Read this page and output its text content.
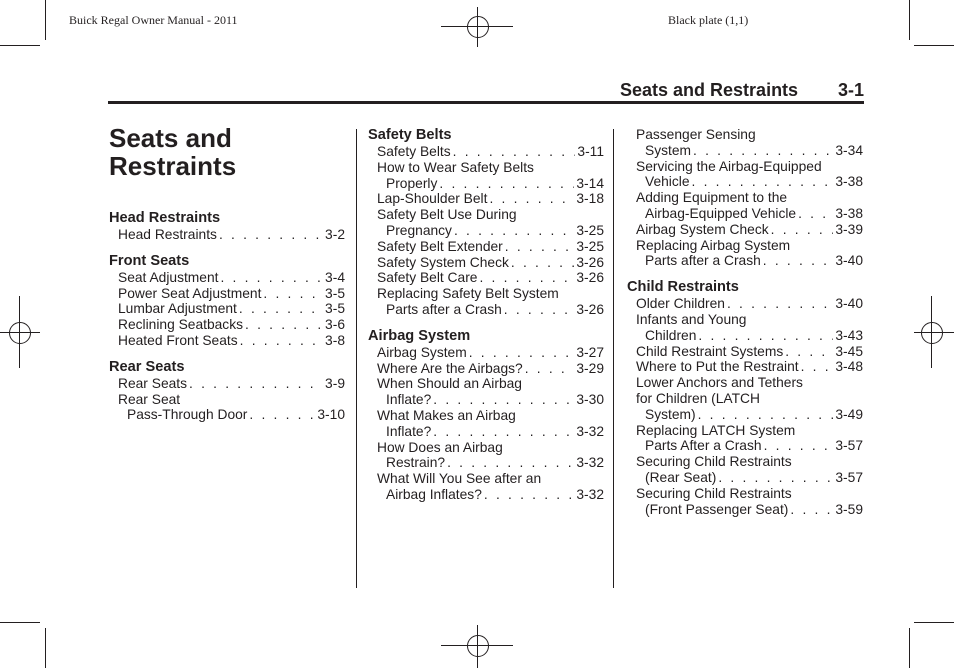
Buick Regal Owner Manual - 2011	Black plate (1,1)
Seats and Restraints 3-1
Seats and Restraints
Head Restraints
Head Restraints . . .	3-2
Front Seats
Seat Adjustment . . .	3-4
Power Seat Adjustment . . .	3-5
Lumbar Adjustment . . .	3-5
Reclining Seatbacks . . .	3-6
Heated Front Seats . . .	3-8
Rear Seats
Rear Seats . . .	3-9
Rear Seat
Pass-Through Door . . .	3-10
Safety Belts
Safety Belts . . .	3-11
How to Wear Safety Belts
Properly . . .	3-14
Lap-Shoulder Belt . . .	3-18
Safety Belt Use During
Pregnancy . . .	3-25
Safety Belt Extender . . .	3-25
Safety System Check . . .	3-26
Safety Belt Care . . .	3-26
Replacing Safety Belt System
Parts after a Crash . . .	3-26
Airbag System
Airbag System . . .	3-27
Where Are the Airbags? . . .	3-29
When Should an Airbag
Inflate? . . .	3-30
What Makes an Airbag
Inflate? . . .	3-32
How Does an Airbag
Restrain? . . .	3-32
What Will You See after an
Airbag Inflates? . . .	3-32
Passenger Sensing
System . . .	3-34
Servicing the Airbag-Equipped
Vehicle . . .	3-38
Adding Equipment to the
Airbag-Equipped Vehicle . . .	3-38
Airbag System Check . . .	3-39
Replacing Airbag System
Parts after a Crash . . .	3-40
Child Restraints
Older Children . . .	3-40
Infants and Young
Children . . .	3-43
Child Restraint Systems . . .	3-45
Where to Put the Restraint . . .	3-48
Lower Anchors and Tethers
for Children (LATCH
System) . . .	3-49
Replacing LATCH System
Parts After a Crash . . .	3-57
Securing Child Restraints
(Rear Seat) . . .	3-57
Securing Child Restraints
(Front Passenger Seat) . . .	3-59
